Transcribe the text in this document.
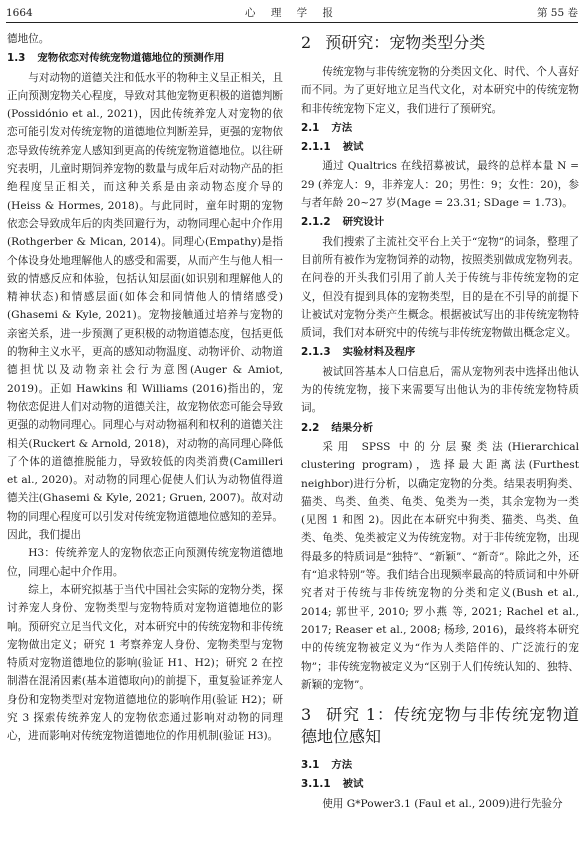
1664	心 理 学 报	第 55 卷

德地位。

1.3 宠物依恋对传统宠物道德地位的预测作用

与对动物的道德关注和低水平的物种主义呈正相关，且正向预测宠物关心程度，导致对其他宠物更积极的道德判断(Possidónio et al., 2021)，因此传统养宠人对宠物的依恋可能引发对传统宠物的道德地位判断差异，更强的宠物依恋导致传统养宠人感知到更高的传统宠物道德地位。以往研究表明，儿童时期饲养宠物的数量与成年后对动物产品的拒绝程度呈正相关，而这种关系是由亲动物态度介导的(Heiss & Hormes, 2018)。与此同时，童年时期的宠物依恋会导致成年后的肉类回避行为，动物同理心起中介作用(Rothgerber & Mican, 2014)。同理心(Empathy)是指个体设身处地理解他人的感受和需要，从而产生与他人相一致的情感反应和体验，包括认知层面(如识别和理解他人的精神状态)和情感层面(如体会和同情他人的情绪感受) (Ghasemi & Kyle, 2021)。宠物接触通过培养与宠物的亲密关系，进一步预测了更积极的动物道德态度，包括更低的物种主义水平，更高的感知动物温度、动物评价、动物道德担忧以及动物亲社会行为意图(Auger & Amiot, 2019)。正如 Hawkins 和 Williams (2016)指出的，宠物依恋促进人们对动物的道德关注，故宠物依恋可能会导致更强的动物同理心。同理心与对动物福利和权利的道德关注相关(Ruckert & Arnold, 2018)，对动物的高同理心降低了个体的道德推脱能力，导致较低的肉类消费(Camilleri et al., 2020)。对动物的同理心促使人们认为动物值得道德关注(Ghasemi & Kyle, 2021; Gruen, 2007)。故对动物的同理心程度可以引发对传统宠物道德地位感知的差异。因此，我们提出

H3：传统养宠人的宠物依恋正向预测传统宠物道德地位，同理心起中介作用。

综上，本研究拟基于当代中国社会实际的宠物分类，探讨养宠人身份、宠物类型与宠物特质对宠物道德地位的影响。预研究立足当代文化，对本研究中的传统宠物和非传统宠物做出定义；研究 1 考察养宠人身份、宠物类型与宠物特质对宠物道德地位的影响(验证 H1、H2)；研究 2 在控制潜在混淆因素(基本道德取向)的前提下，重复验证养宠人身份和宠物类型对宠物道德地位的影响作用(验证 H2)；研究 3 探索传统养宠人的宠物依恋通过影响对动物的同理心，进而影响对传统宠物道德地位的作用机制(验证 H3)。

2 预研究：宠物类型分类

传统宠物与非传统宠物的分类因文化、时代、个人喜好而不同。为了更好地立足当代文化，对本研究中的传统宠物和非传统宠物下定义，我们进行了预研究。

2.1 方法
2.1.1 被试

通过 Qualtrics 在线招募被试，最终的总样本量 N = 29 (养宠人：9，非养宠人：20；男性：9；女性：20)，参与者年龄 20~27 岁(Mage = 23.31; SDage = 1.73)。

2.1.2 研究设计

我们搜索了主流社交平台上关于“宠物”的词条，整理了目前所有被作为宠物饲养的动物，按照类别做成宠物列表。在问卷的开头我们引用了前人关于传统与非传统宠物的定义，但没有提到具体的宠物类型，目的是在不引导的前提下让被试对宠物分类产生概念。根据被试写出的非传统宠物特质词，我们对本研究中的传统与非传统宠物做出概念定义。

2.1.3 实验材料及程序

被试回答基本人口信息后，需从宠物列表中选择出他认为的传统宠物，接下来需要写出他认为的非传统宠物特质词。

2.2 结果分析

采用 SPSS 中的分层聚类法(Hierarchical clustering program)，选择最大距离法(Furthest neighbor)进行分析，以确定宠物的分类。结果表明狗类、猫类、鸟类、鱼类、龟类、兔类为一类，其余宠物为一类(见图 1 和图 2)。因此在本研究中狗类、猫类、鸟类、鱼类、龟类、兔类被定义为传统宠物。对于非传统宠物，出现得最多的特质词是“独特”、“新颖”、“新奇”。除此之外，还有“追求特别”等。我们结合出现频率最高的特质词和中外研究者对于传统与非传统宠物的分类和定义(Bush et al., 2014; 郭世平, 2010; 罗小燕 等, 2021; Rachel et al., 2017; Reaser et al., 2008; 杨珍, 2016)，最终将本研究中的传统宠物被定义为“作为人类陪伴的、广泛流行的宠物”；非传统宠物被定义为“区别于人们传统认知的、独特、新颖的宠物”。

3 研究 1：传统宠物与非传统宠物道德地位感知
3.1 方法
3.1.1 被试

使用 G*Power3.1 (Faul et al., 2009)进行先验分
